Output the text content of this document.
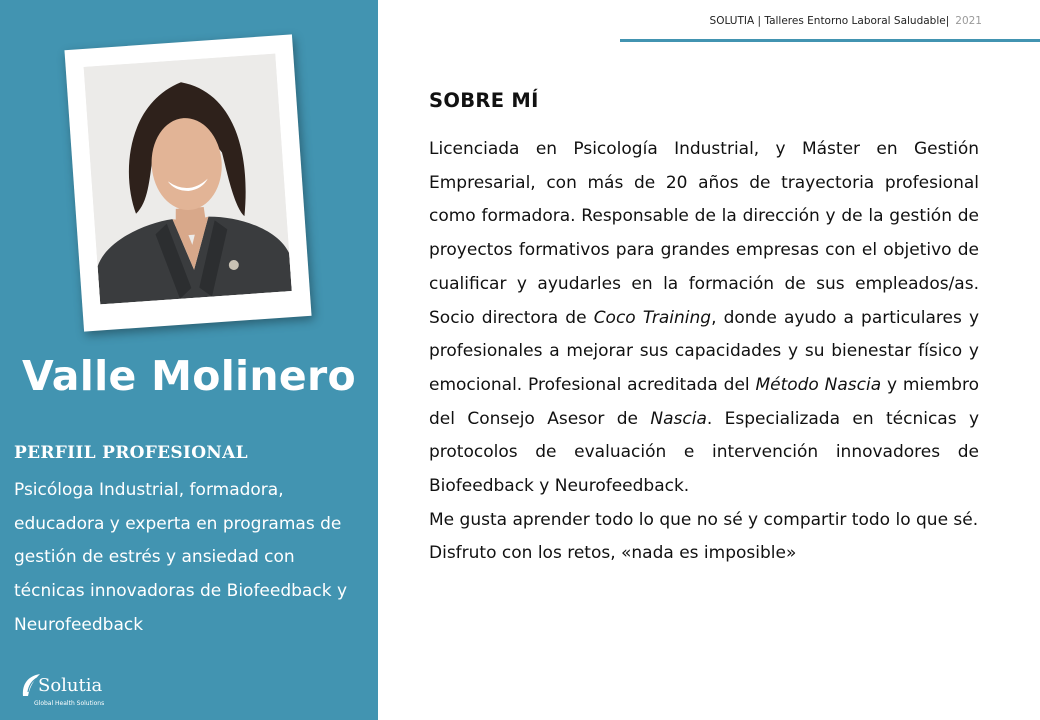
Valle Molinero
PERFIIL PROFESIONAL

Psicóloga Industrial, formadora, educadora y experta en programas de gestión de estrés y ansiedad con técnicas innovadoras de Biofeedback y Neurofeedback

Solutia
Global Health Solutions
SOLUTIA | Talleres Entorno Laboral Saludable| 2021
SOBRE MÍ

Licenciada en Psicología Industrial, y Máster en Gestión Empresarial, con más de 20 años de trayectoria profesional como formadora. Responsable de la dirección y de la gestión de proyectos formativos para grandes empresas con el objetivo de cualificar y ayudarles en la formación de sus empleados/as. Socio directora de Coco Training, donde ayudo a particulares y profesionales a mejorar sus capacidades y su bienestar físico y emocional. Profesional acreditada del Método Nascia y miembro del Consejo Asesor de Nascia. Especializada en técnicas y protocolos de evaluación e intervención innovadores de Biofeedback y Neurofeedback.

Me gusta aprender todo lo que no sé y compartir todo lo que sé.

Disfruto con los retos, «nada es imposible»
